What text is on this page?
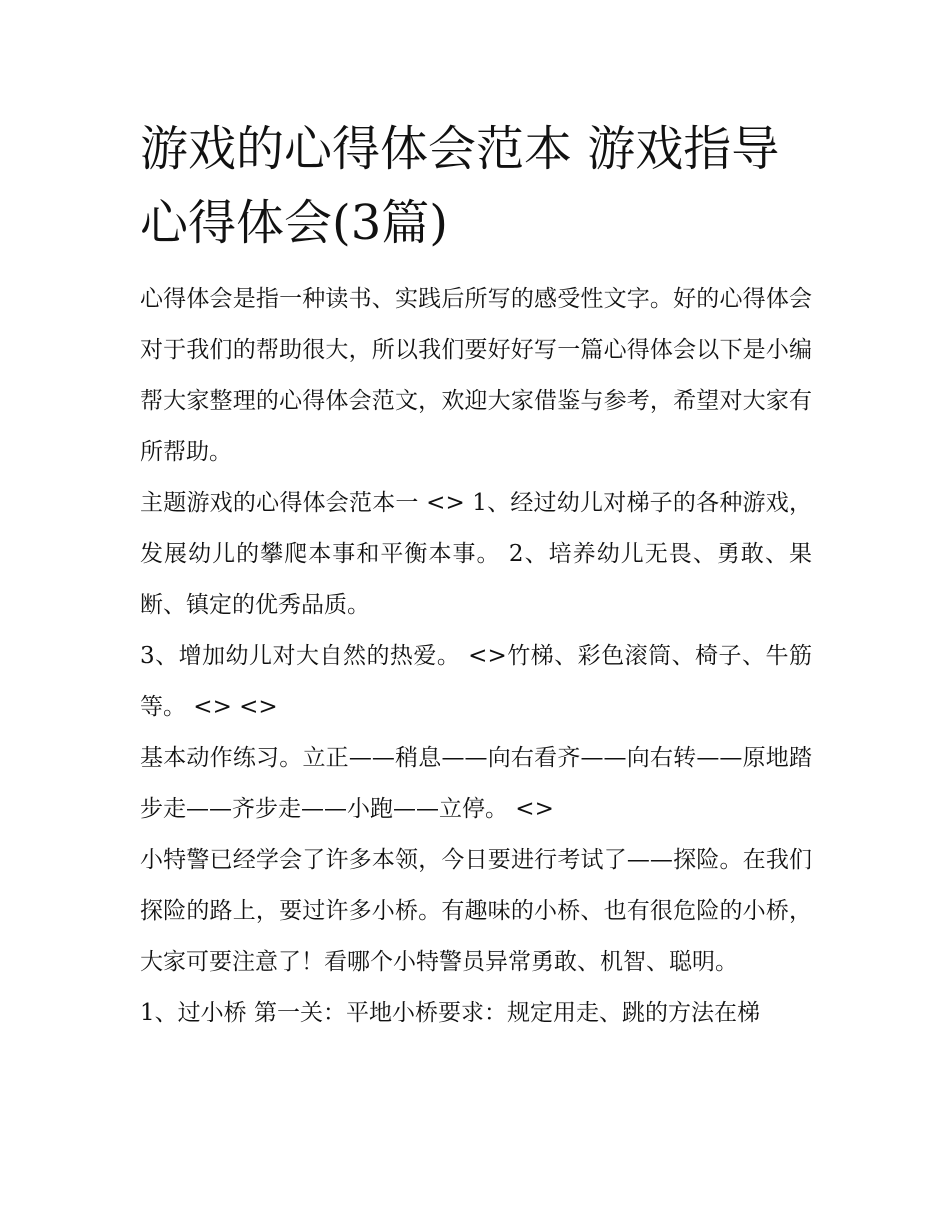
游戏的心得体会范本 游戏指导心得体会(3篇)

心得体会是指一种读书、实践后所写的感受性文字。好的心得体会对于我们的帮助很大，所以我们要好好写一篇心得体会以下是小编帮大家整理的心得体会范文，欢迎大家借鉴与参考，希望对大家有所帮助。

主题游戏的心得体会范本一 <> 1、经过幼儿对梯子的各种游戏，发展幼儿的攀爬本事和平衡本事。 2、培养幼儿无畏、勇敢、果断、镇定的优秀品质。

3、增加幼儿对大自然的热爱。 <>竹梯、彩色滚筒、椅子、牛筋等。 <> <>

基本动作练习。立正——稍息——向右看齐——向右转——原地踏步走——齐步走——小跑——立停。 <>

小特警已经学会了许多本领，今日要进行考试了——探险。在我们探险的路上，要过许多小桥。有趣味的小桥、也有很危险的小桥，大家可要注意了！看哪个小特警员异常勇敢、机智、聪明。

1、过小桥 第一关：平地小桥要求：规定用走、跳的方法在梯
